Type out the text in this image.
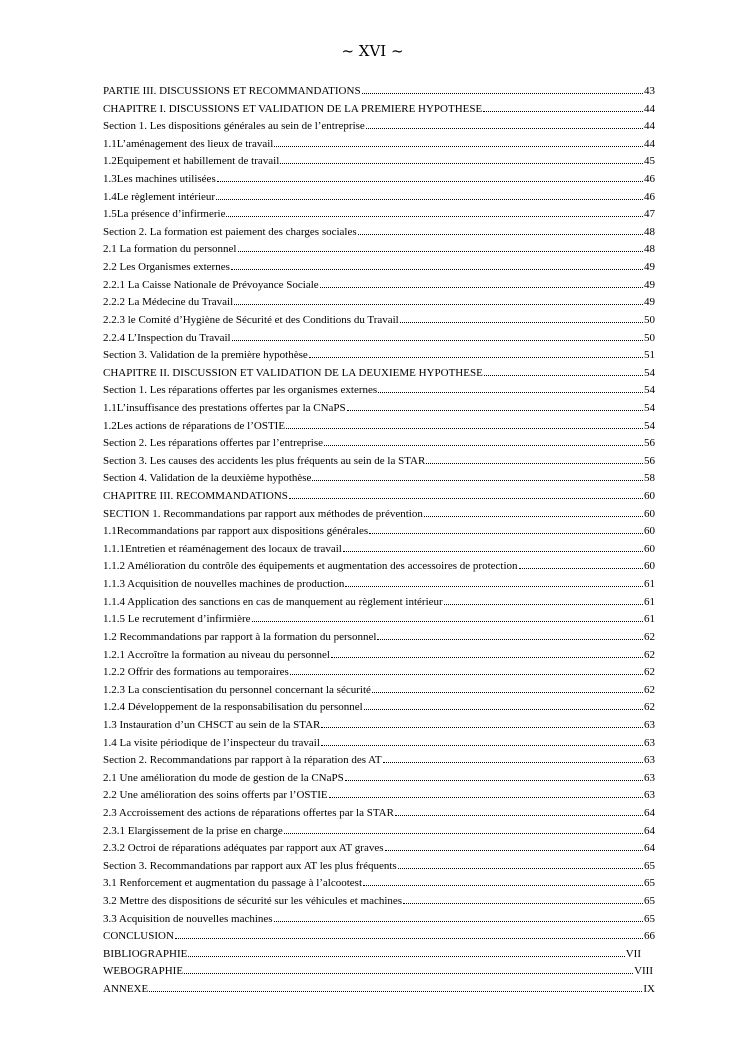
~ XVI ~
PARTIE III. DISCUSSIONS ET RECOMMANDATIONS	43
CHAPITRE I. DISCUSSIONS ET VALIDATION DE LA PREMIERE HYPOTHESE	44
Section 1. Les dispositions générales au sein de l’entreprise	44
1.1L’aménagement des lieux de travail	44
1.2Equipement et habillement de travail	45
1.3Les machines utilisées	46
1.4Le règlement intérieur	46
1.5La présence d’infirmerie	47
Section 2. La formation est paiement des charges sociales	48
2.1 La formation du personnel	48
2.2 Les Organismes externes	49
2.2.1 La Caisse Nationale de Prévoyance Sociale	49
2.2.2 La Médecine du Travail	49
2.2.3 le Comité d’Hygiène de Sécurité et des Conditions du Travail	50
2.2.4 L’Inspection du Travail	50
Section 3. Validation de la première hypothèse	51
CHAPITRE II. DISCUSSION ET VALIDATION DE LA DEUXIEME HYPOTHESE	54
Section 1. Les réparations offertes par les organismes externes	54
1.1L’insuffisance des prestations offertes par la CNaPS	54
1.2Les actions de réparations de l’OSTIE	54
Section 2. Les réparations offertes par l’entreprise	56
Section 3. Les causes des accidents les plus fréquents au sein de la STAR	56
Section 4. Validation de la deuxième hypothèse	58
CHAPITRE III. RECOMMANDATIONS	60
SECTION 1. Recommandations par rapport aux méthodes de prévention	60
1.1Recommandations par rapport aux dispositions générales	60
1.1.1Entretien et réaménagement des locaux de travail	60
1.1.2 Amélioration du contrôle des équipements et augmentation des accessoires de protection	60
1.1.3 Acquisition de nouvelles machines de production	61
1.1.4 Application des sanctions en cas de manquement au règlement intérieur	61
1.1.5 Le recrutement d’infirmière	61
1.2 Recommandations par rapport à la formation du personnel	62
1.2.1 Accroître la formation au niveau du personnel	62
1.2.2 Offrir des formations au temporaires	62
1.2.3 La conscientisation du personnel concernant la sécurité	62
1.2.4 Développement de la responsabilisation du personnel	62
1.3 Instauration d’un CHSCT au sein de la STAR	63
1.4 La visite périodique de l’inspecteur du travail	63
Section 2. Recommandations par rapport à la réparation des AT	63
2.1 Une amélioration du mode de gestion de la CNaPS	63
2.2 Une amélioration des soins offerts par l’OSTIE	63
2.3 Accroissement des actions de réparations offertes par la STAR	64
2.3.1 Elargissement de la prise en charge	64
2.3.2 Octroi de réparations adéquates par rapport aux AT graves	64
Section 3. Recommandations par rapport aux AT les plus fréquents	65
3.1 Renforcement et augmentation du passage à l’alcootest	65
3.2 Mettre des dispositions de sécurité sur les véhicules et machines	65
3.3 Acquisition de nouvelles machines	65
CONCLUSION	66
BIBLIOGRAPHIE	VII
WEBOGRAPHIE	VIII
ANNEXE	IX
